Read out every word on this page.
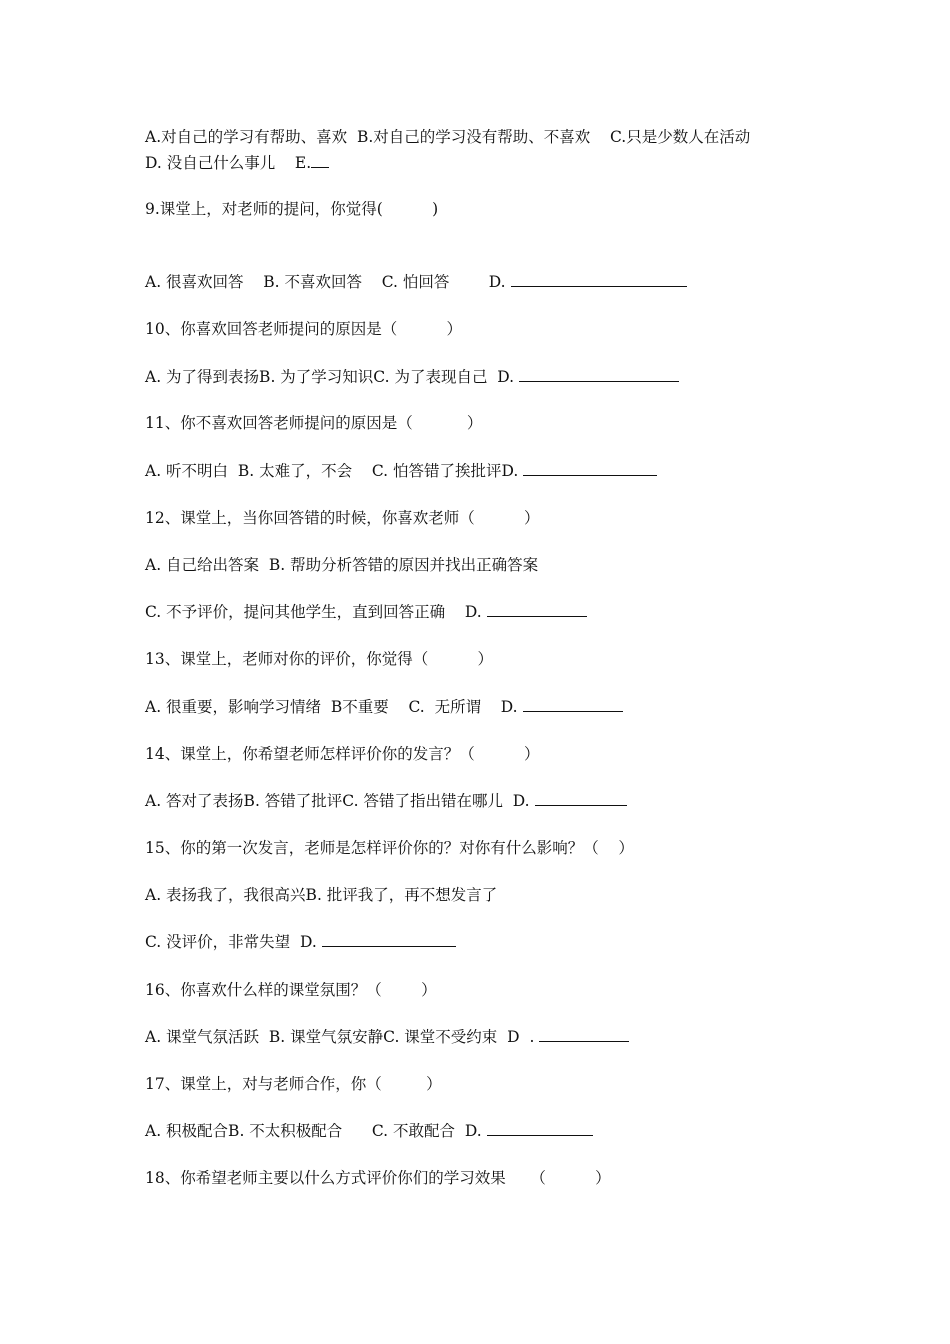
A.对自己的学习有帮助、喜欢  B.对自己的学习没有帮助、不喜欢    C.只是少数人在活动
D. 没自己什么事儿    E.
9.课堂上，对老师的提问，你觉得(          )
A. 很喜欢回答    B. 不喜欢回答    C. 怕回答        D.
10、你喜欢回答老师提问的原因是（          ）
A. 为了得到表扬B. 为了学习知识C. 为了表现自己  D.
11、你不喜欢回答老师提问的原因是（           ）
A. 听不明白  B. 太难了，不会    C. 怕答错了挨批评D.
12、课堂上，当你回答错的时候，你喜欢老师（          ）
A. 自己给出答案  B. 帮助分析答错的原因并找出正确答案
C. 不予评价，提问其他学生，直到回答正确    D.
13、课堂上，老师对你的评价，你觉得（          ）
A. 很重要，影响学习情绪  B不重要    C.  无所谓    D.
14、课堂上，你希望老师怎样评价你的发言？（          ）
A. 答对了表扬B. 答错了批评C. 答错了指出错在哪儿  D.
15、你的第一次发言，老师是怎样评价你的？对你有什么影响？（    ）
A. 表扬我了，我很高兴B. 批评我了，再不想发言了
C. 没评价，非常失望  D.
16、你喜欢什么样的课堂氛围？（        ）
A. 课堂气氛活跃  B. 课堂气氛安静C. 课堂不受约束  D  .
17、课堂上，对与老师合作，你（         ）
A. 积极配合B. 不太积极配合      C. 不敢配合  D.
18、你希望老师主要以什么方式评价你们的学习效果     （          ）
